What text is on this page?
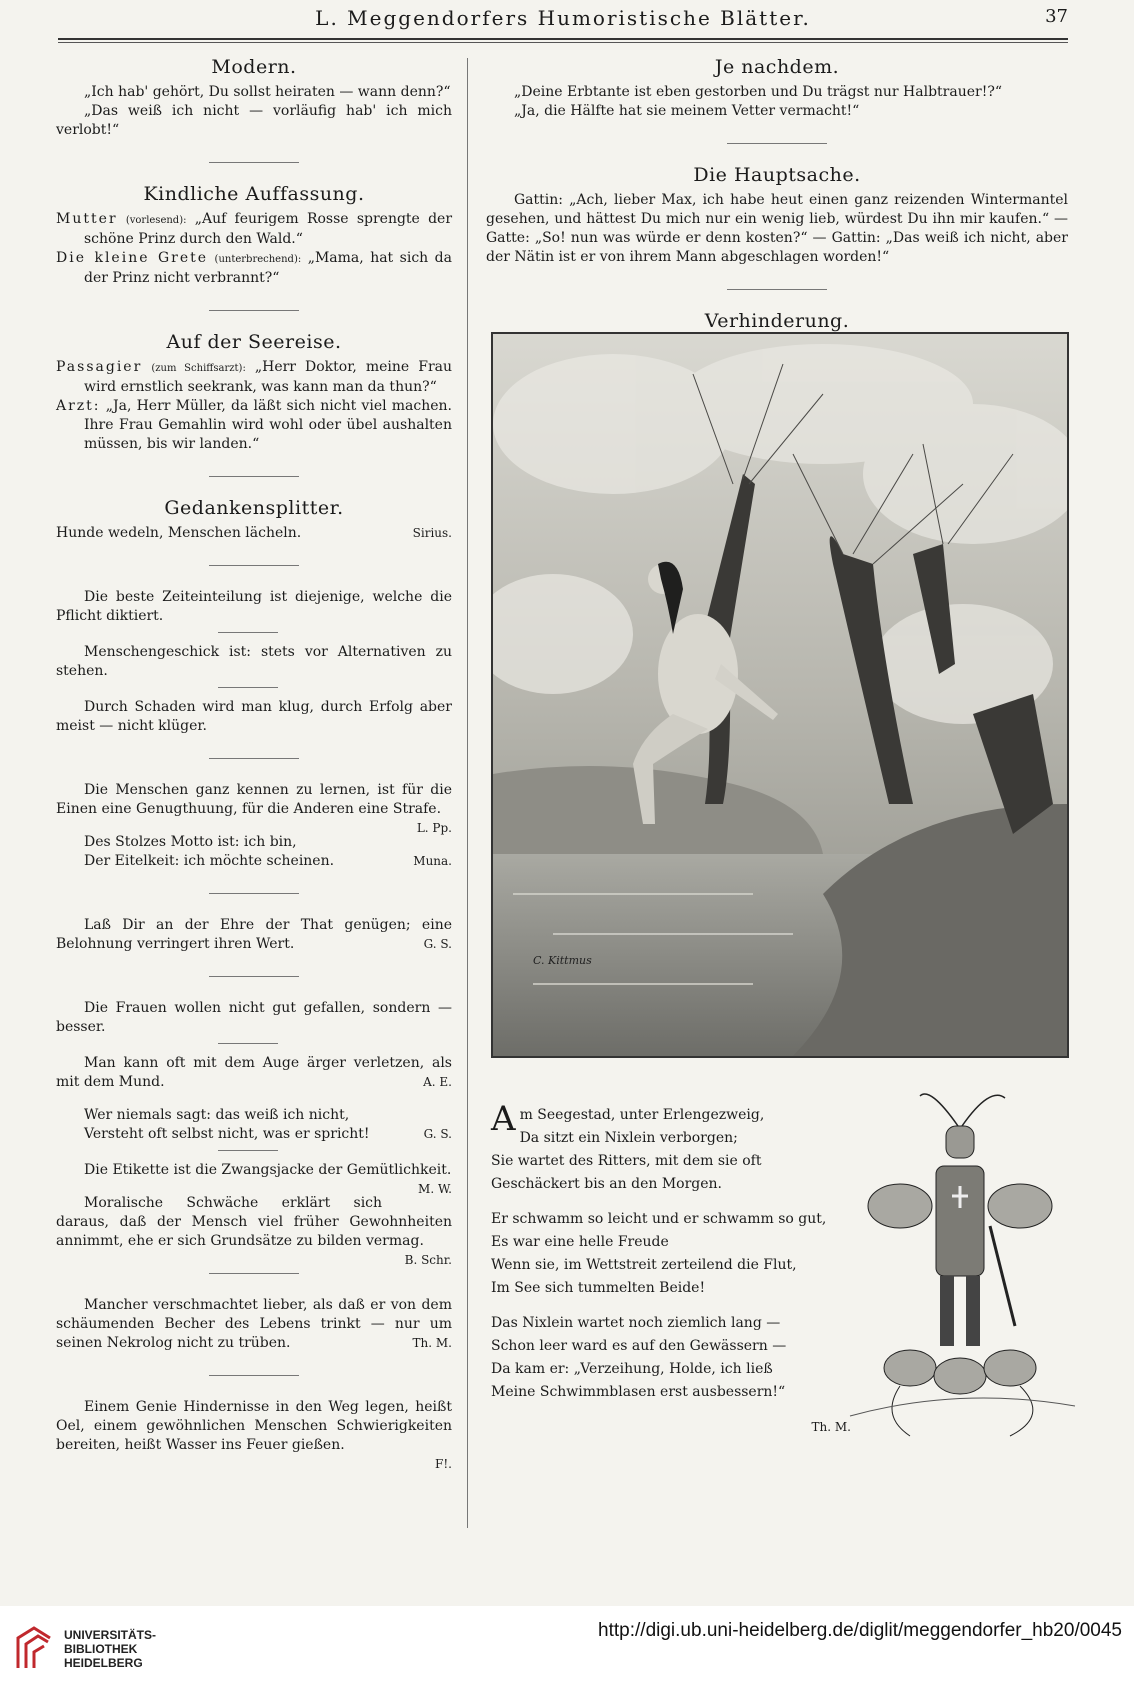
L. Meggendorfers Humoristische Blätter.	37
Modern.

„Ich hab' gehört, Du sollst heiraten — wann denn?“

„Das weiß ich nicht — vorläufig hab' ich mich verlobt!“

Kindliche Auffassung.

Mutter (vorlesend): „Auf feurigem Rosse sprengte der schöne Prinz durch den Wald.“

Die kleine Grete (unterbrechend): „Mama, hat sich da der Prinz nicht verbrannt?“

Auf der Seereise.

Passagier (zum Schiffsarzt): „Herr Doktor, meine Frau wird ernstlich seekrank, was kann man da thun?“

Arzt: „Ja, Herr Müller, da läßt sich nicht viel machen. Ihre Frau Gemahlin wird wohl oder übel aushalten müssen, bis wir landen.“

Gedankensplitter.

Hunde wedeln, Menschen lächeln.	Sirius.

Die beste Zeiteinteilung ist diejenige, welche die Pflicht diktiert.

Menschengeschick ist: stets vor Alternativen zu stehen.

Durch Schaden wird man klug, durch Erfolg aber meist — nicht klüger.

Die Menschen ganz kennen zu lernen, ist für die Einen eine Genugthuung, für die Anderen eine Strafe.
L. Pp.

Des Stolzes Motto ist: ich bin,

Der Eitelkeit: ich möchte scheinen.	Muna.

Laß Dir an der Ehre der That genügen; eine Belohnung verringert ihren Wert.	G. S.

Die Frauen wollen nicht gut gefallen, sondern — besser.

Man kann oft mit dem Auge ärger verletzen, als mit dem Mund.	A. E.

Wer niemals sagt: das weiß ich nicht,

Versteht oft selbst nicht, was er spricht!	G. S.

Die Etikette ist die Zwangsjacke der Gemütlichkeit.
M. W.

Moralische Schwäche erklärt sich daraus, daß der Mensch viel früher Gewohnheiten annimmt, ehe er sich Grundsätze zu bilden vermag.
B. Schr.

Mancher verschmachtet lieber, als daß er von dem schäumenden Becher des Lebens trinkt — nur um seinen Nekrolog nicht zu trüben.	Th. M.

Einem Genie Hindernisse in den Weg legen, heißt Oel, einem gewöhnlichen Menschen Schwierigkeiten bereiten, heißt Wasser ins Feuer gießen.

F!.

Je nachdem.

„Deine Erbtante ist eben gestorben und Du trägst nur Halbtrauer!?“

„Ja, die Hälfte hat sie meinem Vetter vermacht!“

Die Hauptsache.

Gattin: „Ach, lieber Max, ich habe heut einen ganz reizenden Wintermantel gesehen, und hättest Du mich nur ein wenig lieb, würdest Du ihn mir kaufen.“ — Gatte: „So! nun was würde er denn kosten?“ — Gattin: „Das weiß ich nicht, aber der Nätin ist er von ihrem Mann abgeschlagen worden!“

Verhinderung.
C. Kittmus
A m Seegestad, unter Erlengezweig,
Da sitzt ein Nixlein verborgen;
Sie wartet des Ritters, mit dem sie oft
Geschäckert bis an den Morgen.
Er schwamm so leicht und er schwamm so gut,
Es war eine helle Freude
Wenn sie, im Wettstreit zerteilend die Flut,
Im See sich tummelten Beide!
Das Nixlein wartet noch ziemlich lang —
Schon leer ward es auf den Gewässern —
Da kam er: „Verzeihung, Holde, ich ließ
Meine Schwimmblasen erst ausbessern!“
Th. M.
UNIVERSITÄTS-
BIBLIOTHEK
HEIDELBERG
http://digi.ub.uni-heidelberg.de/diglit/meggendorfer_hb20/0045
